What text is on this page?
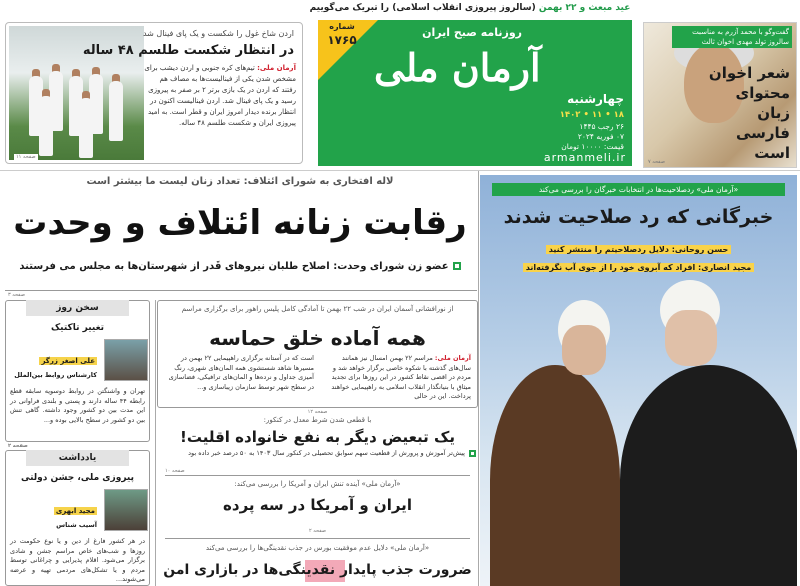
عید مبعث و ۲۲ بهمن (سالروز پیروزی انقلاب اسلامی) را تبریک می‌گوییم
آرمان ملی
روزنامه صبح ایران
شماره
۱۷۶۵
چهارشنبه
۱۸ • ۱۱ • ۱۴۰۲
۲۶ رجب ۱۴۴۵
۰۷ فوریه ۲۰۲۴
قیمت: ۱۰۰۰۰ تومان
armanmeli.ir
اردن شاخ غول را شکست و یک پای فینال شد
در انتظار شکست طلسم ۴۸ ساله
آرمان ملی: تیم‌های کره جنوبی و اردن دیشب برای مشخص شدن یکی از فینالیست‌ها به مصاف هم رفتند که اردن در یک بازی برتر ۲ بر صفر به پیروزی رسید و یک پای فینال شد. اردن فینالیست اکنون در انتظار برنده دیدار امروز ایران و قطر است. به امید پیروزی ایران و شکست طلسم ۴۸ ساله.
صفحه ۱۱
گفت‌وگو با محمد آزرم به مناسبت سالروز تولد مهدی اخوان ثالث
شعر اخوان محتوای زبان فارسی است
صفحه ۷
«آرمان ملی» ردصلاحیت‌ها در انتخابات خبرگان را بررسی می‌کند
خبرگانی که رد صلاحیت شدند
حسن روحانی: دلایل ردصلاحیتم را منتشر کنید
مجید انصاری: افراد که آبروی خود را از جوی آب نگرفته‌اند
لاله افتخاری به شورای ائتلاف: تعداد زنان لیست ما بیشتر است
رقابت زنانه ائتلاف و وحدت
عضو زن شورای وحدت: اصلاح طلبان نیروهای قَدر از شهرستان‌ها به مجلس می فرستند
صفحه ۳
سخن روز
تغییر تاکتیک
علی اصغر زرگر
کارشناس روابط بین‌الملل
تهران و واشنگتن در روابط دوسویه سابقه قطع رابطه ۴۴ ساله دارند و پستی و بلندی فراوانی در این مدت بین دو کشور وجود داشته. گاهی تنش بین دو کشور در سطح بالایی بوده و...
صفحه ۲
یادداشت
پیروزی ملی، جشن دولتی
مجید ابهری
آسیب شناس
در هر کشور فارغ از دین و یا نوع حکومت در روزها و شب‌های خاص مراسم جشن و شادی برگزار می‌شود. اقلام پذیرایی و چراغانی توسط مردم و یا تشکل‌های مردمی تهیه و عرضه می‌شوند...
از نورافشانی آسمان ایران در شب ۲۲ بهمن تا آمادگی کامل پلیس راهور برای برگزاری مراسم
همه آماده خلق حماسه
آرمان ملی: مراسم ۲۲ بهمن امسال نیز همانند سال‌های گذشته با شکوه خاصی برگزار خواهد شد و مردم در اقصی نقاط کشور در این روزها برای تجدید میثاق با بنیانگذار انقلاب اسلامی به راهپیمایی خواهند پرداخت. این در حالی
است که در آستانه برگزاری راهپیمایی ۲۲ بهمن در مسیرها شاهد شستشوی همه المان‌های شهری، رنگ آمیزی جداول و نرده‌ها و المان‌های ترافیکی، فضاسازی در سطح شهر توسط سازمان زیباسازی و...
صفحه ۱۲
با قطعی شدن شرط معدل در کنکور:
یک تبعیض دیگر به نفع خانواده اقلیت!
پیش‌تر آموزش و پرورش از قطعیت سهم سوابق تحصیلی در کنکور سال ۱۴۰۳ به ۵۰ درصد خبر داده بود
صفحه ۱۰
«آرمان ملی» آینده تنش ایران و آمریکا را بررسی می‌کند:
ایران و آمریکا در سه پرده
صفحه ۲
«آرمان ملی» دلایل عدم موفقیت بورس در جذب نقدینگی‌ها را بررسی می‌کند
ضرورت جذب پایدار نقدینگی‌ها در بازاری امن
